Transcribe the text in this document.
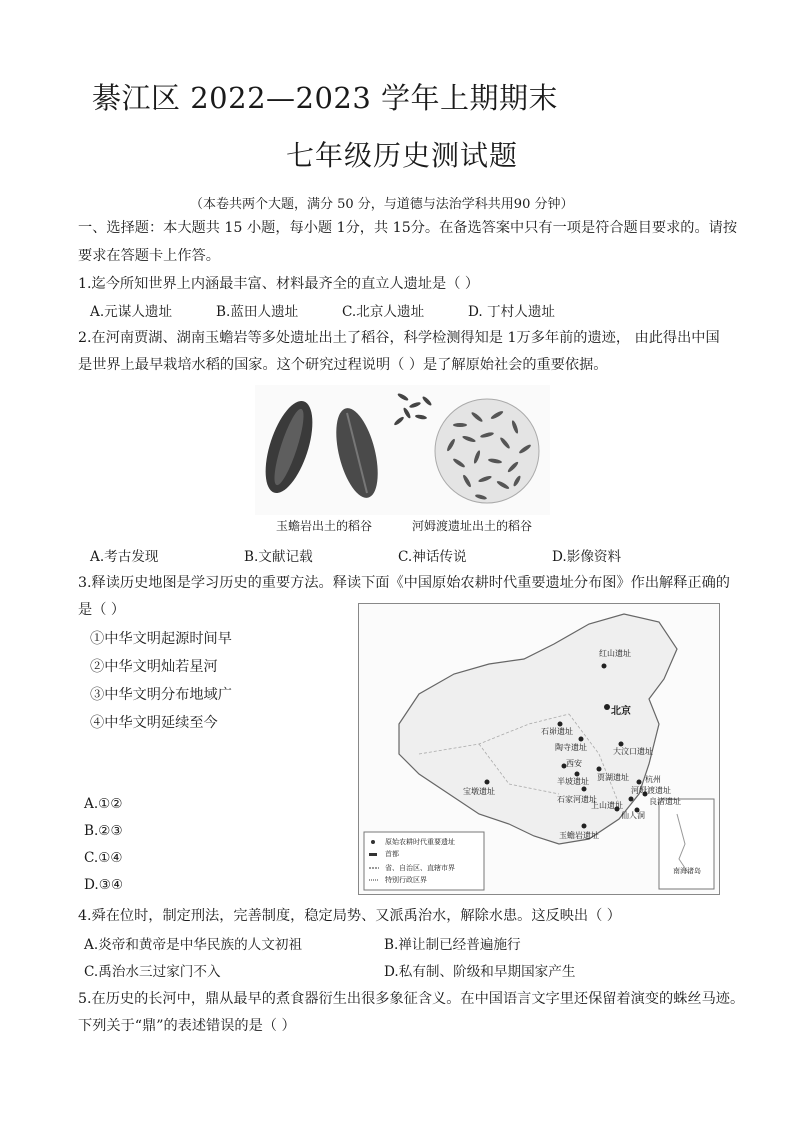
綦江区 2022—2023 学年上期期末
七年级历史测试题
（本卷共两个大题，满分 50 分，与道德与法治学科共用90 分钟）
一、选择题：本大题共 15 小题，每小题 1分，共 15分。在备选答案中只有一项是符合题目要求的。请按
要求在答题卡上作答。
1.迄今所知世界上内涵最丰富、材料最齐全的直立人遗址是（ ）
A.元谋人遗址	B.蓝田人遗址	C.北京人遗址	D. 丁村人遗址
2.在河南贾湖、湖南玉蟾岩等多处遗址出土了稻谷，科学检测得知是 1万多年前的遗迹， 由此得出中国
是世界上最早栽培水稻的国家。这个研究过程说明（ ）是了解原始社会的重要依据。
玉蟾岩出土的稻谷	河姆渡遗址出土的稻谷
A.考古发现	B.文献记载	C.神话传说	D.影像资料
3.释读历史地图是学习历史的重要方法。释读下面《中国原始农耕时代重要遗址分布图》作出解释正确的
是（ ）
①中华文明起源时间早
②中华文明灿若星河
③中华文明分布地域广
④中华文明延续至今
A.①②
B.②③
C.①④
D.③④
红山遗址
北京
石峁遗址
陶寺遗址	大汶口遗址
西安
半坡遗址 贾湖遗址
宝墩遗址
石家河遗址
杭州
河姆渡遗址
良渚遗址
仙人洞
上山遗址
玉蟾岩遗址
南海诸岛
原始农耕时代重要遗址
首都
省、自治区、直辖市界
特别行政区界
4.舜在位时，制定刑法，完善制度，稳定局势、又派禹治水，解除水患。这反映出（ ）
A.炎帝和黄帝是中华民族的人文初祖	B.禅让制已经普遍施行
C.禹治水三过家门不入	D.私有制、阶级和早期国家产生
5.在历史的长河中，鼎从最早的煮食器衍生出很多象征含义。在中国语言文字里还保留着演变的蛛丝马迹。
下列关于“鼎”的表述错误的是（ ）
